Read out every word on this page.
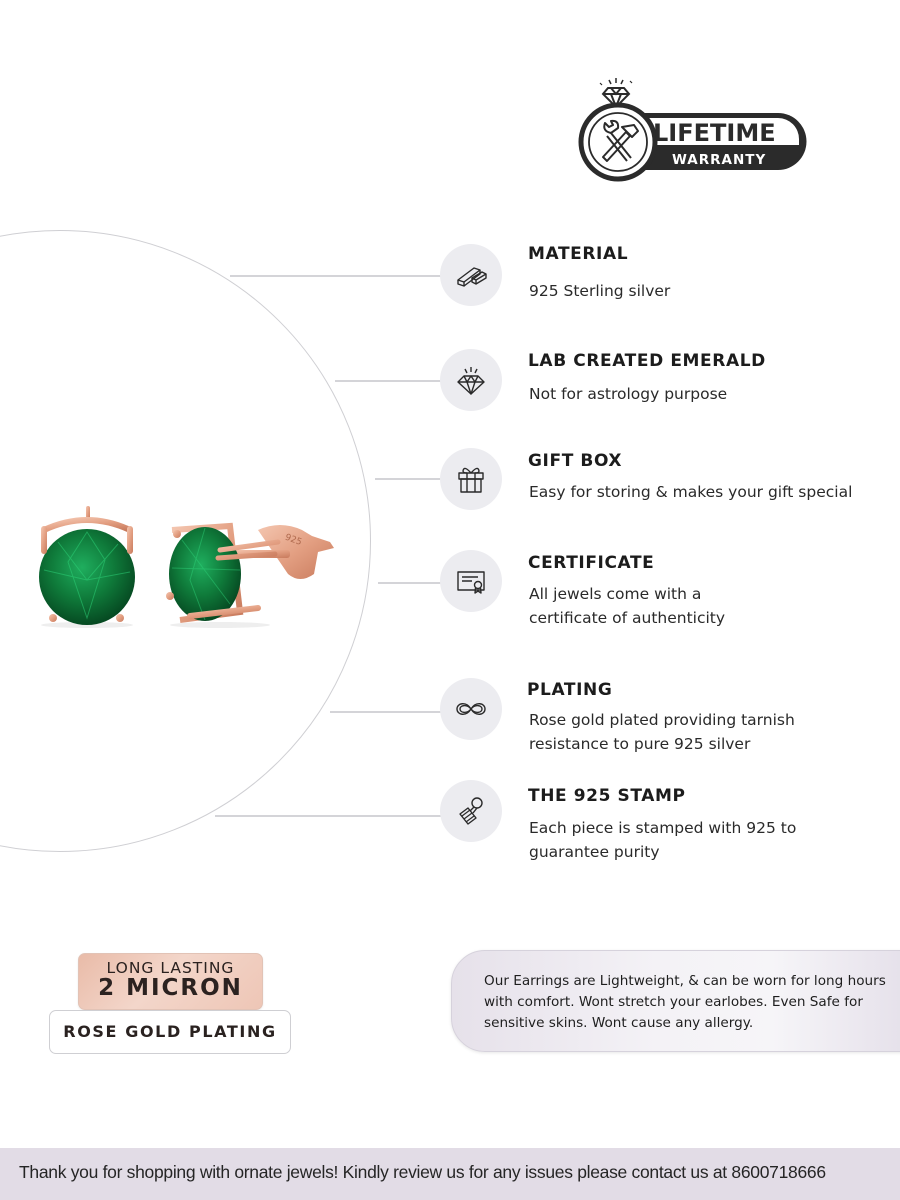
LIFETIME
WARRANTY
925
MATERIAL
925 Sterling silver
LAB CREATED EMERALD
Not for astrology purpose
GIFT BOX
Easy for storing & makes your gift special
CERTIFICATE
All jewels come with a
certificate of authenticity
PLATING
Rose gold plated providing tarnish
resistance to pure 925 silver
THE 925 STAMP
Each piece is stamped with 925 to
guarantee purity
LONG LASTING
2 MICRON
ROSE GOLD PLATING
Our Earrings are Lightweight, & can be worn for long hours with comfort. Wont stretch your earlobes. Even Safe for sensitive skins. Wont cause any allergy.
Thank you for shopping with ornate jewels! Kindly review us for any issues please contact us at 8600718666
